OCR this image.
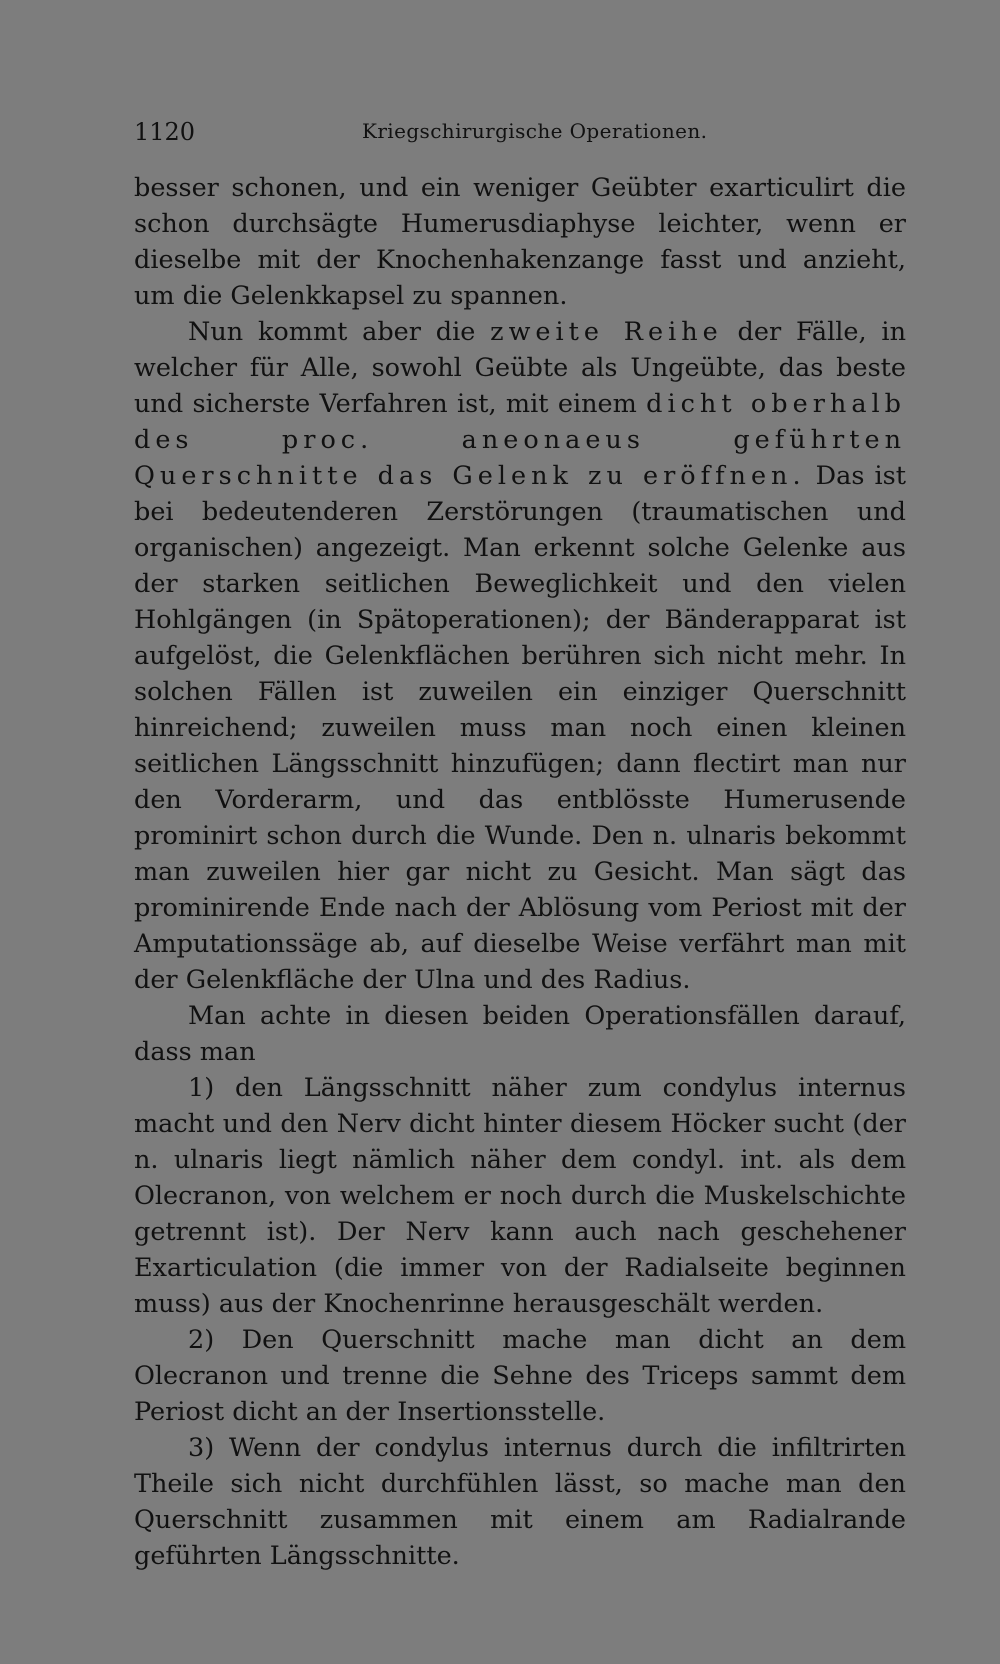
1120	Kriegschirurgische Operationen.

besser schonen, und ein weniger Geübter exarticulirt die schon durchsägte Humerusdiaphyse leichter, wenn er dieselbe mit der Knochenhakenzange fasst und anzieht, um die Gelenkkapsel zu spannen.

Nun kommt aber die zweite Reihe der Fälle, in welcher für Alle, sowohl Geübte als Ungeübte, das beste und sicherste Verfahren ist, mit einem dicht oberhalb des proc. aneonaeus geführten Querschnitte das Gelenk zu eröffnen. Das ist bei bedeutenderen Zerstörungen (traumatischen und organischen) angezeigt. Man erkennt solche Gelenke aus der starken seitlichen Beweglichkeit und den vielen Hohlgängen (in Spätoperationen); der Bänderapparat ist aufgelöst, die Gelenkflächen berühren sich nicht mehr. In solchen Fällen ist zuweilen ein einziger Querschnitt hinreichend; zuweilen muss man noch einen kleinen seitlichen Längsschnitt hinzufügen; dann flectirt man nur den Vorderarm, und das entblösste Humerusende prominirt schon durch die Wunde. Den n. ulnaris bekommt man zuweilen hier gar nicht zu Gesicht. Man sägt das prominirende Ende nach der Ablösung vom Periost mit der Amputationssäge ab, auf dieselbe Weise verfährt man mit der Gelenkfläche der Ulna und des Radius.

Man achte in diesen beiden Operationsfällen darauf, dass man

1) den Längsschnitt näher zum condylus internus macht und den Nerv dicht hinter diesem Höcker sucht (der n. ulnaris liegt nämlich näher dem condyl. int. als dem Olecranon, von welchem er noch durch die Muskelschichte getrennt ist). Der Nerv kann auch nach geschehener Exarticulation (die immer von der Radialseite beginnen muss) aus der Knochenrinne herausgeschält werden.

2) Den Querschnitt mache man dicht an dem Olecranon und trenne die Sehne des Triceps sammt dem Periost dicht an der Insertionsstelle.

3) Wenn der condylus internus durch die infiltrirten Theile sich nicht durchfühlen lässt, so mache man den Querschnitt zusammen mit einem am Radialrande geführten Längsschnitte.
